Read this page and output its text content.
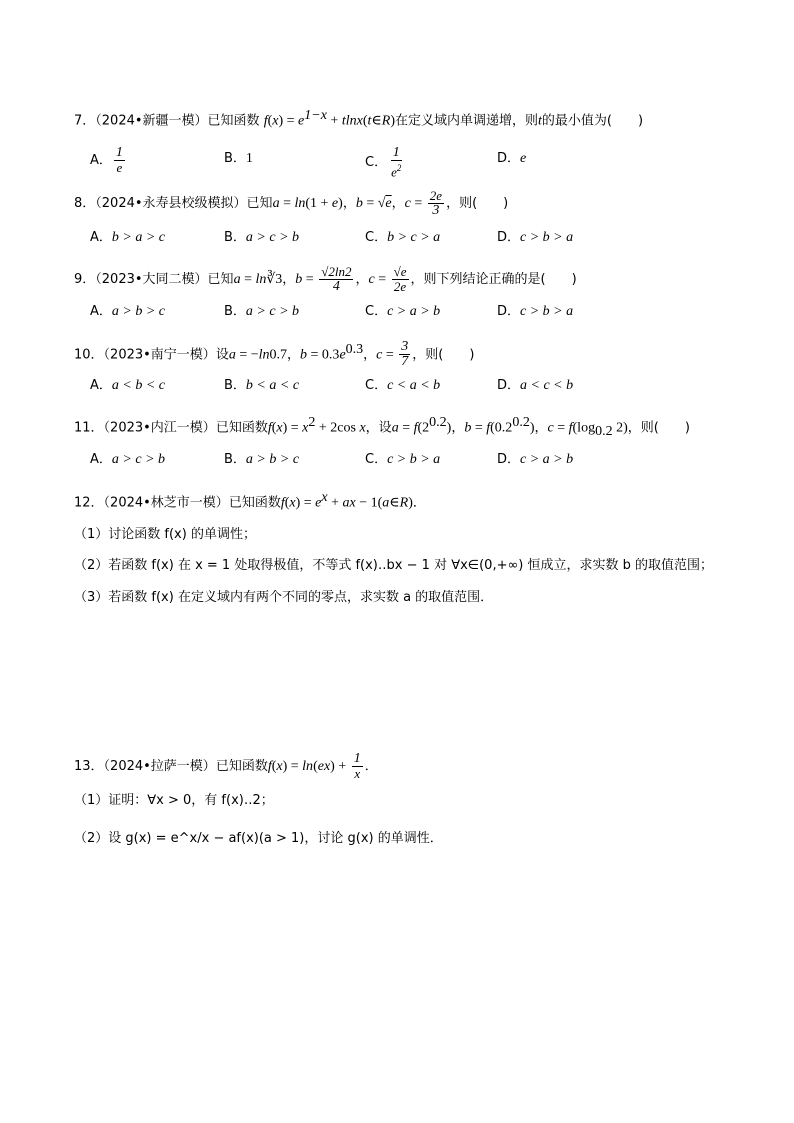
7．（2024•新疆一模）已知函数 $f(x) = e^{1-x}$ + tlnx(t∈R)在定义域内单调递增，则t的最小值为(　　)
A． $\frac{1}{e}$	B．1	C． $\frac{1}{e^2}$	D．e
8．（2024•永寿县校级模拟）已知a = ln(1 + e)，b = √e，$c = \frac{2e}{3}$ ，则(　　)
A．b > a > c	B．a > c > b	C．b > c > a	D．c > b > a
9．（2023•大同二模）已知a = ln∛3，$b = \frac{√2\ln 2}{4}$ ，$c = \frac{√e}{2e}$ ，则下列结论正确的是(　　)
A．a > b > c	B．a > c > b	C．c > a > b	D．c > b > a
10．（2023•南宁一模）设a = −ln0.7，$b = 0.3e^{0.3}$，$c = \frac{3}{7}$ ，则(　　)
A．a < b < c	B．b < a < c	C．c < a < b	D．a < c < b
11．（2023•内江一模）已知函数$f(x) = x^2 + 2\cos$ x，设$a = f(2^{0.2})$，$b = f(0.2^{0.2})$，$c = f(\log_{0.2}$ 2)，则(　　)
A．a > c > b	B．a > b > c	C．c > b > a	D．c > a > b
12．（2024•林芝市一模）已知函数$f(x) = e^x$ + ax − 1(a∈R)．
（1）讨论函数 f(x) 的单调性；
（2）若函数 f(x) 在 x = 1 处取得极值，不等式 f(x)‥bx − 1 对 ∀x∈(0,+∞) 恒成立，求实数 b 的取值范围；
（3）若函数 f(x) 在定义域内有两个不同的零点，求实数 a 的取值范围．
13．（2024•拉萨一模）已知函数$f(x) = \ln(ex) + \frac{1}{x}$ ．
（1）证明：∀x > 0，有 f(x)‥2；
（2）设 g(x) = e^x/x − af(x)(a > 1)，讨论 g(x) 的单调性．
